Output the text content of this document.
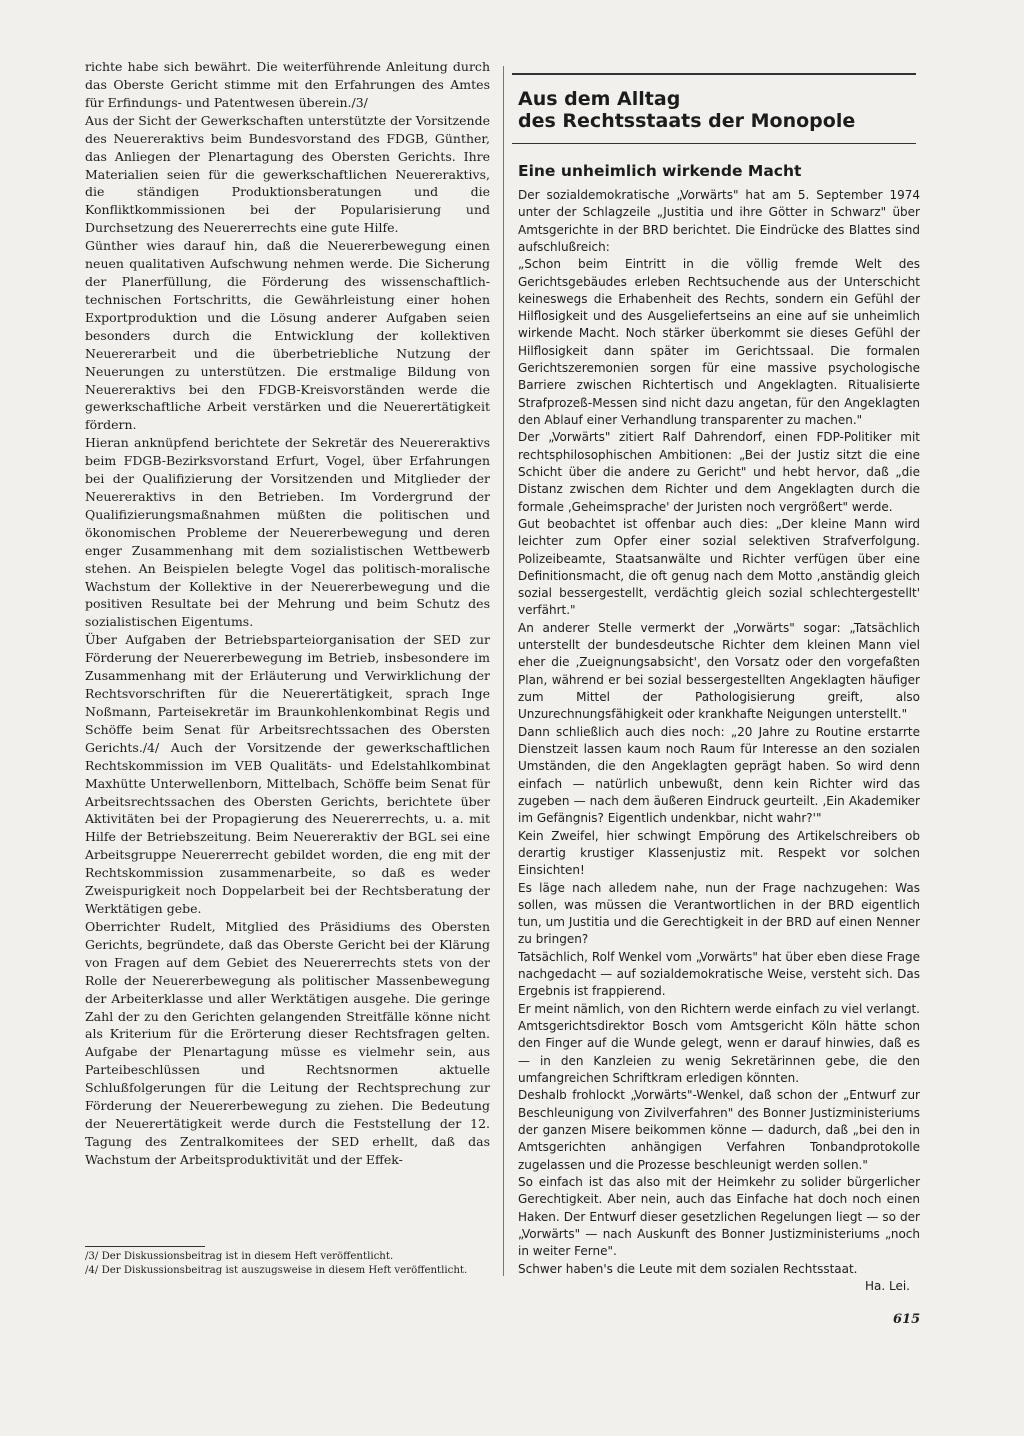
richte habe sich bewährt. Die weiterführende Anleitung durch das Oberste Gericht stimme mit den Erfahrungen des Amtes für Erfindungs- und Patentwesen überein./3/

Aus der Sicht der Gewerkschaften unterstützte der Vorsitzende des Neuereraktivs beim Bundesvorstand des FDGB, Günther, das Anliegen der Plenartagung des Obersten Gerichts. Ihre Materialien seien für die gewerkschaftlichen Neuereraktivs, die ständigen Produktionsberatungen und die Konfliktkommissionen bei der Popularisierung und Durchsetzung des Neuererrechts eine gute Hilfe.

Günther wies darauf hin, daß die Neuererbewegung einen neuen qualitativen Aufschwung nehmen werde. Die Sicherung der Planerfüllung, die Förderung des wissenschaftlich-technischen Fortschritts, die Gewährleistung einer hohen Exportproduktion und die Lösung anderer Aufgaben seien besonders durch die Entwicklung der kollektiven Neuererarbeit und die überbetriebliche Nutzung der Neuerungen zu unterstützen. Die erstmalige Bildung von Neuereraktivs bei den FDGB-Kreisvorständen werde die gewerkschaftliche Arbeit verstärken und die Neuerertätigkeit fördern.

Hieran anknüpfend berichtete der Sekretär des Neuereraktivs beim FDGB-Bezirksvorstand Erfurt, Vogel, über Erfahrungen bei der Qualifizierung der Vorsitzenden und Mitglieder der Neuereraktivs in den Betrieben. Im Vordergrund der Qualifizierungsmaßnahmen müßten die politischen und ökonomischen Probleme der Neuererbewegung und deren enger Zusammenhang mit dem sozialistischen Wettbewerb stehen. An Beispielen belegte Vogel das politisch-moralische Wachstum der Kollektive in der Neuererbewegung und die positiven Resultate bei der Mehrung und beim Schutz des sozialistischen Eigentums.

Über Aufgaben der Betriebsparteiorganisation der SED zur Förderung der Neuererbewegung im Betrieb, insbesondere im Zusammenhang mit der Erläuterung und Verwirklichung der Rechtsvorschriften für die Neuerertätigkeit, sprach Inge Noßmann, Parteisekretär im Braunkohlenkombinat Regis und Schöffe beim Senat für Arbeitsrechtssachen des Obersten Gerichts./4/ Auch der Vorsitzende der gewerkschaftlichen Rechtskommission im VEB Qualitäts- und Edelstahlkombinat Maxhütte Unterwellenborn, Mittelbach, Schöffe beim Senat für Arbeitsrechtssachen des Obersten Gerichts, berichtete über Aktivitäten bei der Propagierung des Neuererrechts, u. a. mit Hilfe der Betriebszeitung. Beim Neuereraktiv der BGL sei eine Arbeitsgruppe Neuererrecht gebildet worden, die eng mit der Rechtskommission zusammenarbeite, so daß es weder Zweispurigkeit noch Doppelarbeit bei der Rechtsberatung der Werktätigen gebe.

Oberrichter Rudelt, Mitglied des Präsidiums des Obersten Gerichts, begründete, daß das Oberste Gericht bei der Klärung von Fragen auf dem Gebiet des Neuererrechts stets von der Rolle der Neuererbewegung als politischer Massenbewegung der Arbeiterklasse und aller Werktätigen ausgehe. Die geringe Zahl der zu den Gerichten gelangenden Streitfälle könne nicht als Kriterium für die Erörterung dieser Rechtsfragen gelten. Aufgabe der Plenartagung müsse es vielmehr sein, aus Parteibeschlüssen und Rechtsnormen aktuelle Schlußfolgerungen für die Leitung der Rechtsprechung zur Förderung der Neuererbewegung zu ziehen. Die Bedeutung der Neuerertätigkeit werde durch die Feststellung der 12. Tagung des Zentralkomitees der SED erhellt, daß das Wachstum der Arbeitsproduktivität und der Effek-

/3/ Der Diskussionsbeitrag ist in diesem Heft veröffentlicht.

/4/ Der Diskussionsbeitrag ist auszugsweise in diesem Heft veröffentlicht.

Aus dem Alltag
des Rechtsstaats der Monopole
Eine unheimlich wirkende Macht

Der sozialdemokratische „Vorwärts" hat am 5. September 1974 unter der Schlagzeile „Justitia und ihre Götter in Schwarz" über Amtsgerichte in der BRD berichtet. Die Eindrücke des Blattes sind aufschlußreich:

„Schon beim Eintritt in die völlig fremde Welt des Gerichtsgebäudes erleben Rechtsuchende aus der Unterschicht keineswegs die Erhabenheit des Rechts, sondern ein Gefühl der Hilflosigkeit und des Ausgeliefertseins an eine auf sie unheimlich wirkende Macht. Noch stärker überkommt sie dieses Gefühl der Hilflosigkeit dann später im Gerichtssaal. Die formalen Gerichtszeremonien sorgen für eine massive psychologische Barriere zwischen Richtertisch und Angeklagten. Ritualisierte Strafprozeß-Messen sind nicht dazu angetan, für den Angeklagten den Ablauf einer Verhandlung transparenter zu machen."

Der „Vorwärts" zitiert Ralf Dahrendorf, einen FDP-Politiker mit rechtsphilosophischen Ambitionen: „Bei der Justiz sitzt die eine Schicht über die andere zu Gericht" und hebt hervor, daß „die Distanz zwischen dem Richter und dem Angeklagten durch die formale ‚Geheimsprache' der Juristen noch vergrößert" werde.

Gut beobachtet ist offenbar auch dies: „Der kleine Mann wird leichter zum Opfer einer sozial selektiven Strafverfolgung. Polizeibeamte, Staatsanwälte und Richter verfügen über eine Definitionsmacht, die oft genug nach dem Motto ‚anständig gleich sozial bessergestellt, verdächtig gleich sozial schlechtergestellt' verfährt."

An anderer Stelle vermerkt der „Vorwärts" sogar: „Tatsächlich unterstellt der bundesdeutsche Richter dem kleinen Mann viel eher die ‚Zueignungsabsicht', den Vorsatz oder den vorgefaßten Plan, während er bei sozial bessergestellten Angeklagten häufiger zum Mittel der Pathologisierung greift, also Unzurechnungsfähigkeit oder krankhafte Neigungen unterstellt."

Dann schließlich auch dies noch: „20 Jahre zu Routine erstarrte Dienstzeit lassen kaum noch Raum für Interesse an den sozialen Umständen, die den Angeklagten geprägt haben. So wird denn einfach — natürlich unbewußt, denn kein Richter wird das zugeben — nach dem äußeren Eindruck geurteilt. ‚Ein Akademiker im Gefängnis? Eigentlich undenkbar, nicht wahr?'"

Kein Zweifel, hier schwingt Empörung des Artikelschreibers ob derartig krustiger Klassenjustiz mit. Respekt vor solchen Einsichten!

Es läge nach alledem nahe, nun der Frage nachzugehen: Was sollen, was müssen die Verantwortlichen in der BRD eigentlich tun, um Justitia und die Gerechtigkeit in der BRD auf einen Nenner zu bringen?

Tatsächlich, Rolf Wenkel vom „Vorwärts" hat über eben diese Frage nachgedacht — auf sozialdemokratische Weise, versteht sich. Das Ergebnis ist frappierend.

Er meint nämlich, von den Richtern werde einfach zu viel verlangt. Amtsgerichtsdirektor Bosch vom Amtsgericht Köln hätte schon den Finger auf die Wunde gelegt, wenn er darauf hinwies, daß es — in den Kanzleien zu wenig Sekretärinnen gebe, die den umfangreichen Schriftkram erledigen könnten.

Deshalb frohlockt „Vorwärts"-Wenkel, daß schon der „Entwurf zur Beschleunigung von Zivilverfahren" des Bonner Justizministeriums der ganzen Misere beikommen könne — dadurch, daß „bei den in Amtsgerichten anhängigen Verfahren Tonbandprotokolle zugelassen und die Prozesse beschleunigt werden sollen."

So einfach ist das also mit der Heimkehr zu solider bürgerlicher Gerechtigkeit. Aber nein, auch das Einfache hat doch noch einen Haken. Der Entwurf dieser gesetzlichen Regelungen liegt — so der „Vorwärts" — nach Auskunft des Bonner Justizministeriums „noch in weiter Ferne".

Schwer haben's die Leute mit dem sozialen Rechtsstaat.

Ha. Lei.

615
